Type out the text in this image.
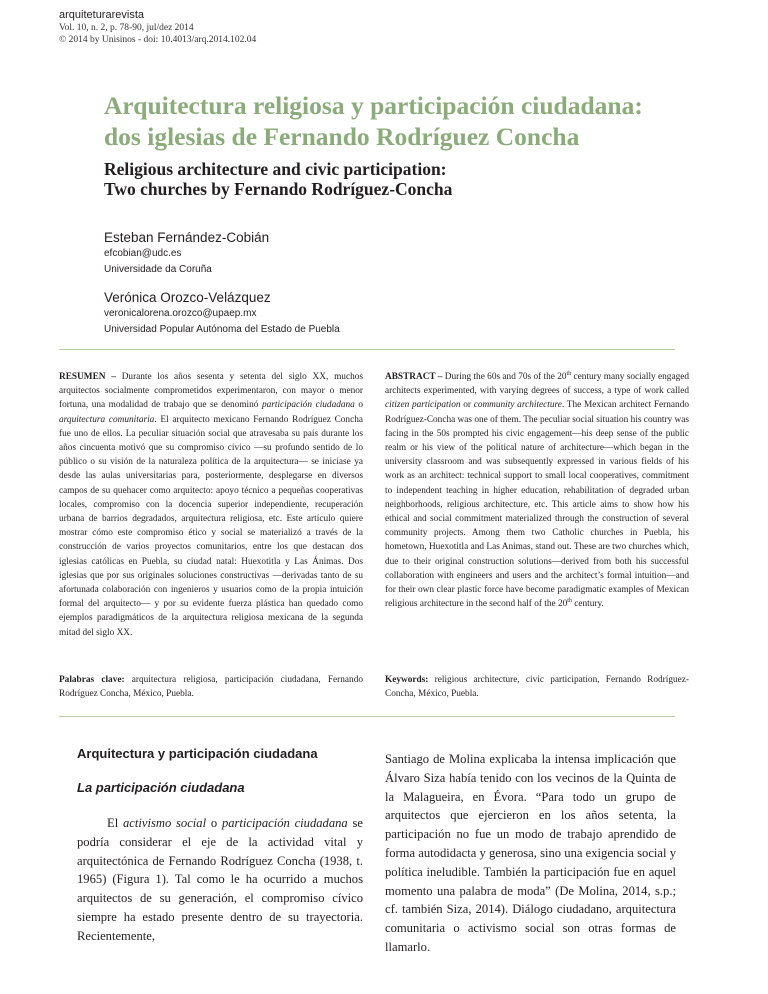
arquiteturarevista
Vol. 10, n. 2, p. 78-90, jul/dez 2014
© 2014 by Unisinos - doi: 10.4013/arq.2014.102.04
Arquitectura religiosa y participación ciudadana:
dos iglesias de Fernando Rodríguez Concha
Religious architecture and civic participation:
Two churches by Fernando Rodríguez-Concha
Esteban Fernández-Cobián
efcobian@udc.es
Universidade da Coruña
Verónica Orozco-Velázquez
veronicalorena.orozco@upaep.mx
Universidad Popular Autónoma del Estado de Puebla
RESUMEN – Durante los años sesenta y setenta del siglo XX, muchos arquitectos socialmente comprometidos experimentaron, con mayor o menor fortuna, una modalidad de trabajo que se denominó participación ciudadana o arquitectura comunitaria. El arquitecto mexicano Fernando Rodríguez Concha fue uno de ellos. La peculiar situación social que atravesaba su país durante los años cincuenta motivó que su compromiso cívico —su profundo sentido de lo público o su visión de la naturaleza política de la arquitectura— se iniciase ya desde las aulas universitarias para, posteriormente, desplegarse en diversos campos de su quehacer como arquitecto: apoyo técnico a pequeñas cooperativas locales, compromiso con la docencia superior independiente, recuperación urbana de barrios degradados, arquitectura religiosa, etc. Este artículo quiere mostrar cómo este compromiso ético y social se materializó a través de la construcción de varios proyectos comunitarios, entre los que destacan dos iglesias católicas en Puebla, su ciudad natal: Huexotitla y Las Ánimas. Dos iglesias que por sus originales soluciones constructivas —derivadas tanto de su afortunada colaboración con ingenieros y usuarios como de la propia intuición formal del arquitecto— y por su evidente fuerza plástica han quedado como ejemplos paradigmáticos de la arquitectura religiosa mexicana de la segunda mitad del siglo XX.
ABSTRACT – During the 60s and 70s of the 20th century many socially engaged architects experimented, with varying degrees of success, a type of work called citizen participation or community architecture. The Mexican architect Fernando Rodríguez-Concha was one of them. The peculiar social situation his country was facing in the 50s prompted his civic engagement—his deep sense of the public realm or his view of the political nature of architecture—which began in the university classroom and was subsequently expressed in various fields of his work as an architect: technical support to small local cooperatives, commitment to independent teaching in higher education, rehabilitation of degraded urban neighborhoods, religious architecture, etc. This article aims to show how his ethical and social commitment materialized through the construction of several community projects. Among them two Catholic churches in Puebla, his hometown, Huexotitla and Las Animas, stand out. These are two churches which, due to their original construction solutions—derived from both his successful collaboration with engineers and users and the architect’s formal intuition—and for their own clear plastic force have become paradigmatic examples of Mexican religious architecture in the second half of the 20th century.
Palabras clave: arquitectura religiosa, participación ciudadana, Fernando Rodríguez Concha, México, Puebla.
Keywords: religious architecture, civic participation, Fernando Rodríguez-Concha, México, Puebla.
Arquitectura y participación ciudadana
La participación ciudadana

El activismo social o participación ciudadana se podría considerar el eje de la actividad vital y arquitectónica de Fernando Rodríguez Concha (1938, t. 1965) (Figura 1). Tal como le ha ocurrido a muchos arquitectos de su generación, el compromiso cívico siempre ha estado presente dentro de su trayectoria. Recientemente,

Santiago de Molina explicaba la intensa implicación que Álvaro Siza había tenido con los vecinos de la Quinta de la Malagueira, en Évora. “Para todo un grupo de arquitectos que ejercieron en los años setenta, la participación no fue un modo de trabajo aprendido de forma autodidacta y generosa, sino una exigencia social y política ineludible. También la participación fue en aquel momento una palabra de moda” (De Molina, 2014, s.p.; cf. también Siza, 2014). Diálogo ciudadano, arquitectura comunitaria o activismo social son otras formas de llamarlo.
